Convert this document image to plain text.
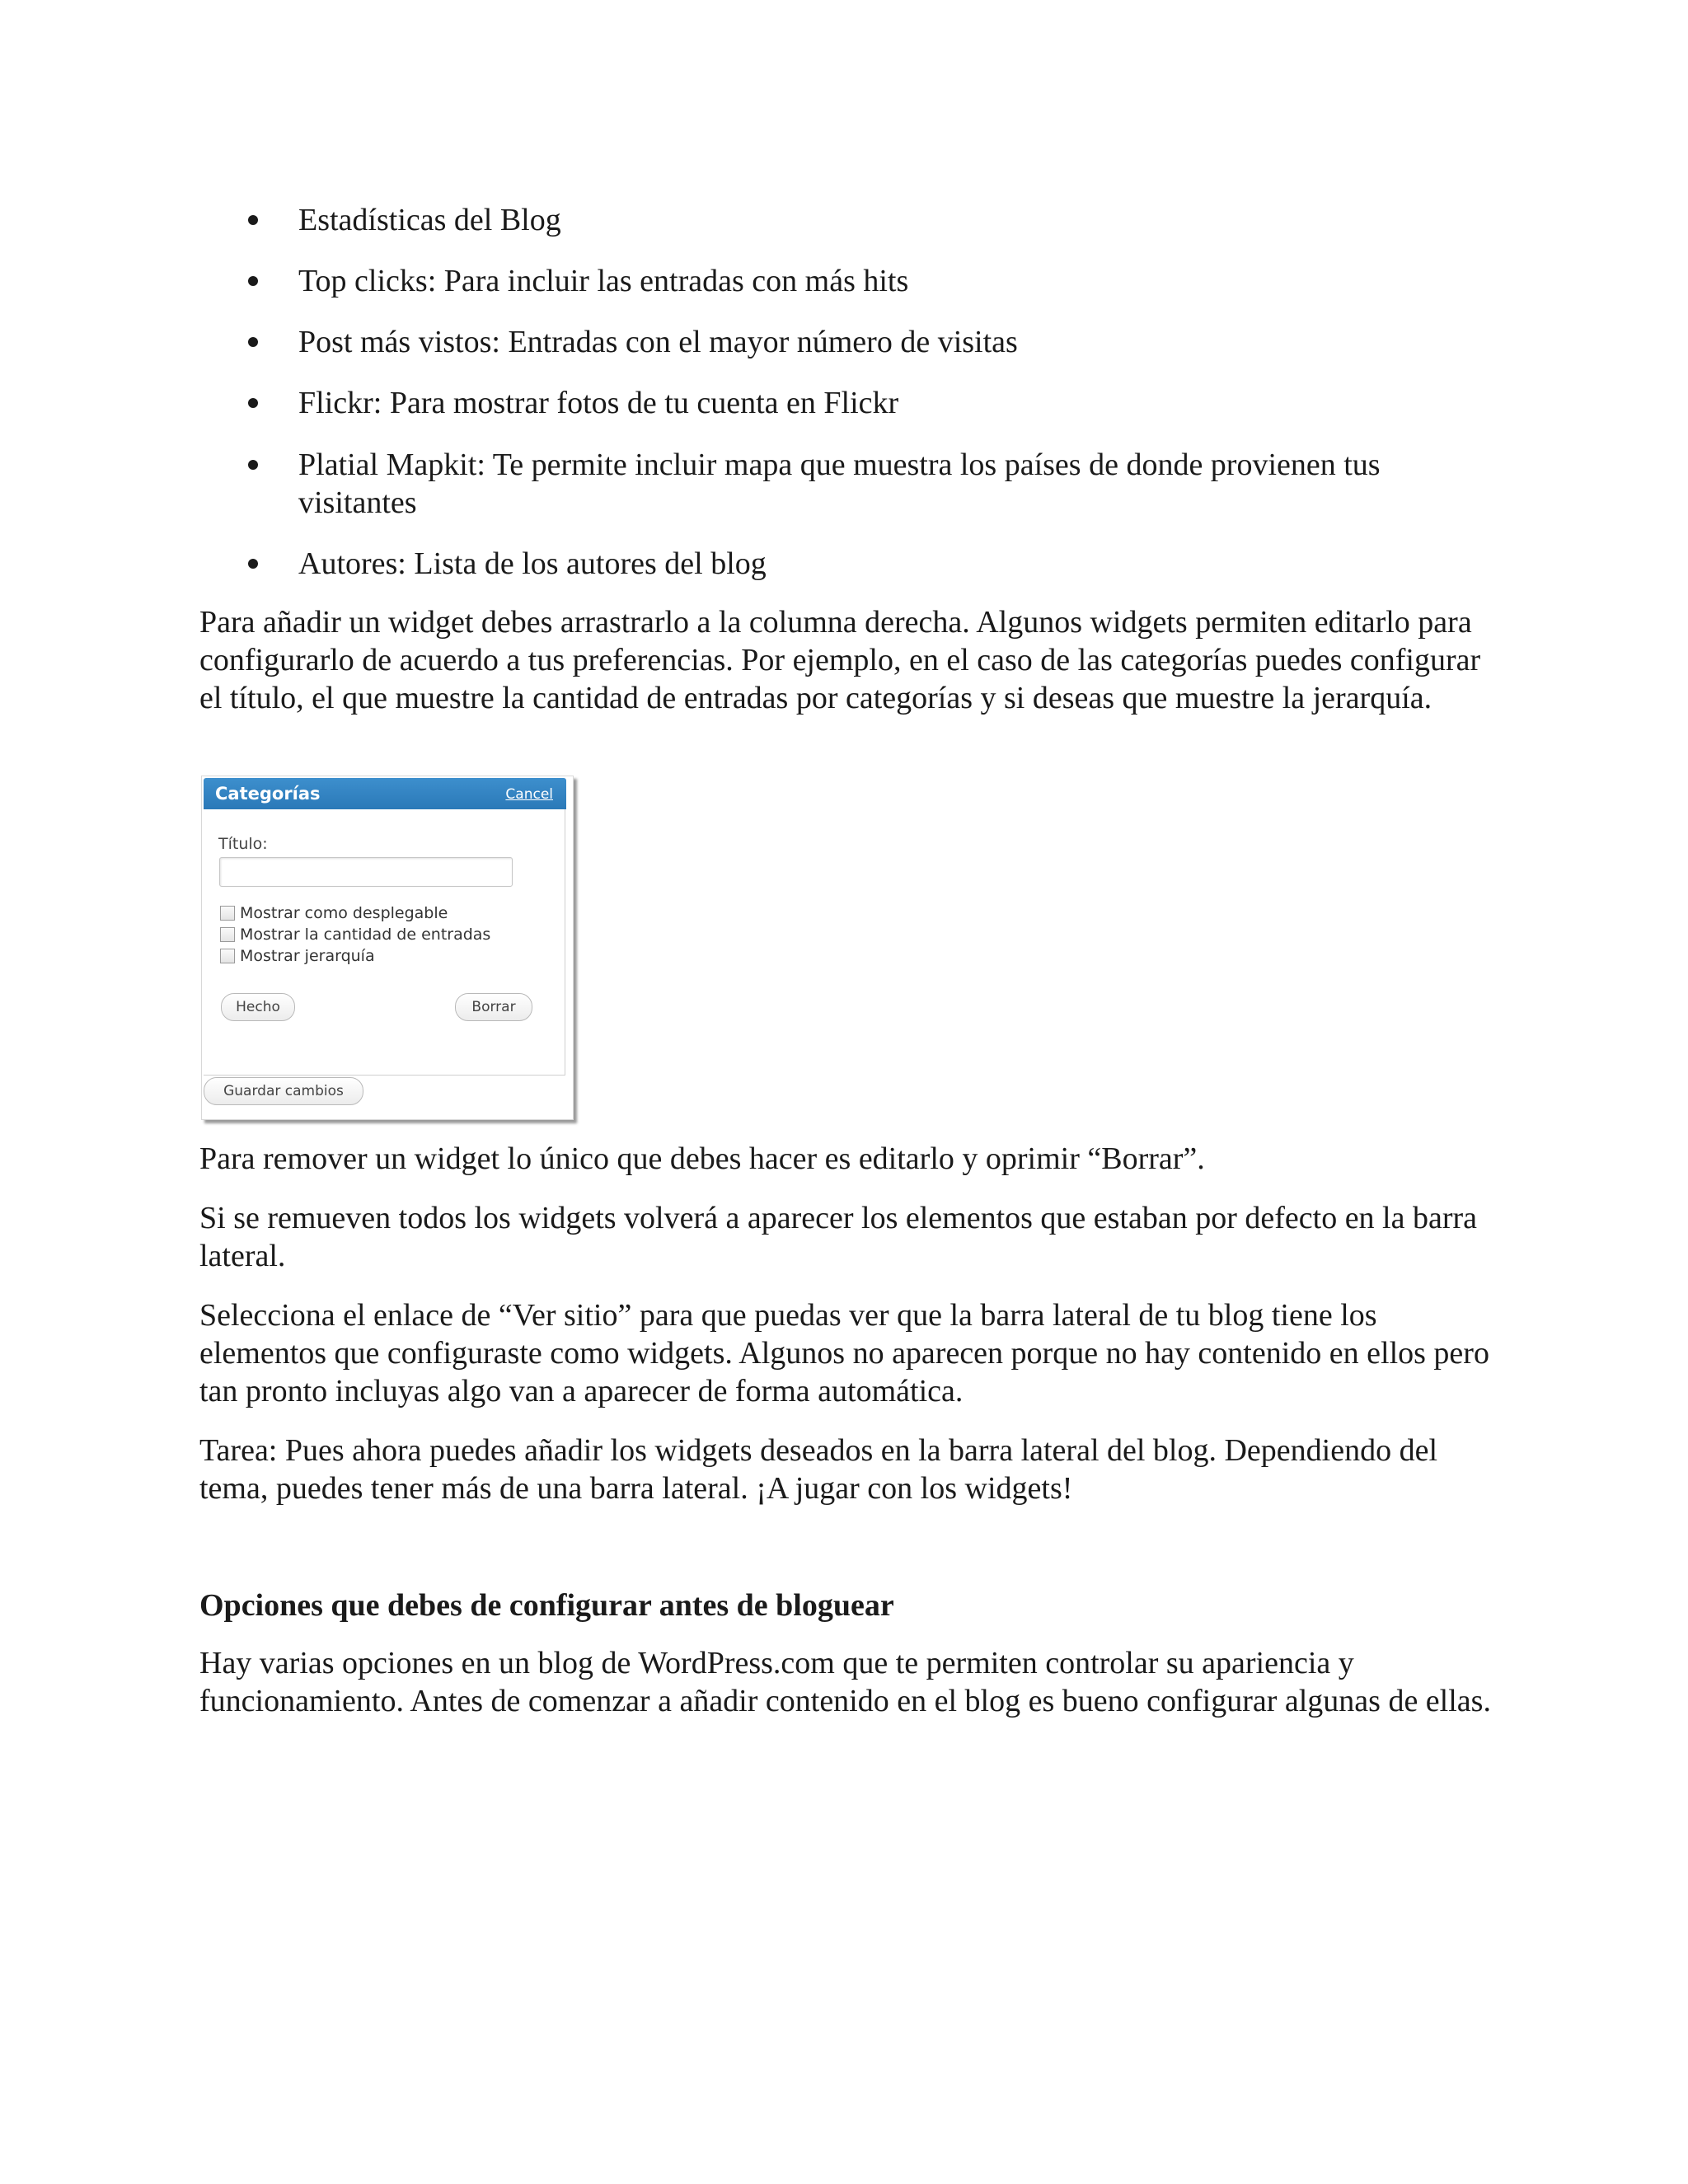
Estadísticas del Blog
Top clicks: Para incluir las entradas con más hits
Post más vistos: Entradas con el mayor número de visitas
Flickr: Para mostrar fotos de tu cuenta en Flickr
Platial Mapkit: Te permite incluir mapa que muestra los países de donde provienen tus visitantes
Autores: Lista de los autores del blog

Para añadir un widget debes arrastrarlo a la columna derecha. Algunos widgets permiten editarlo para configurarlo de acuerdo a tus preferencias. Por ejemplo, en el caso de las categorías puedes configurar el título, el que muestre la cantidad de entradas por categorías y si deseas que muestre la jerarquía.

Categorías	Cancel
Título:
Mostrar como desplegable
Mostrar la cantidad de entradas
Mostrar jerarquía
Hecho	Borrar
Guardar cambios

Para remover un widget lo único que debes hacer es editarlo y oprimir “Borrar”.

Si se remueven todos los widgets volverá a aparecer los elementos que estaban por defecto en la barra lateral.

Selecciona el enlace de “Ver sitio” para que puedas ver que la barra lateral de tu blog tiene los elementos que configuraste como widgets. Algunos no aparecen porque no hay contenido en ellos pero tan pronto incluyas algo van a aparecer de forma automática.

Tarea: Pues ahora puedes añadir los widgets deseados en la barra lateral del blog. Dependiendo del tema, puedes tener más de una barra lateral. ¡A jugar con los widgets!

Opciones que debes de configurar antes de bloguear

Hay varias opciones en un blog de WordPress.com que te permiten controlar su apariencia y funcionamiento. Antes de comenzar a añadir contenido en el blog es bueno configurar algunas de ellas.
